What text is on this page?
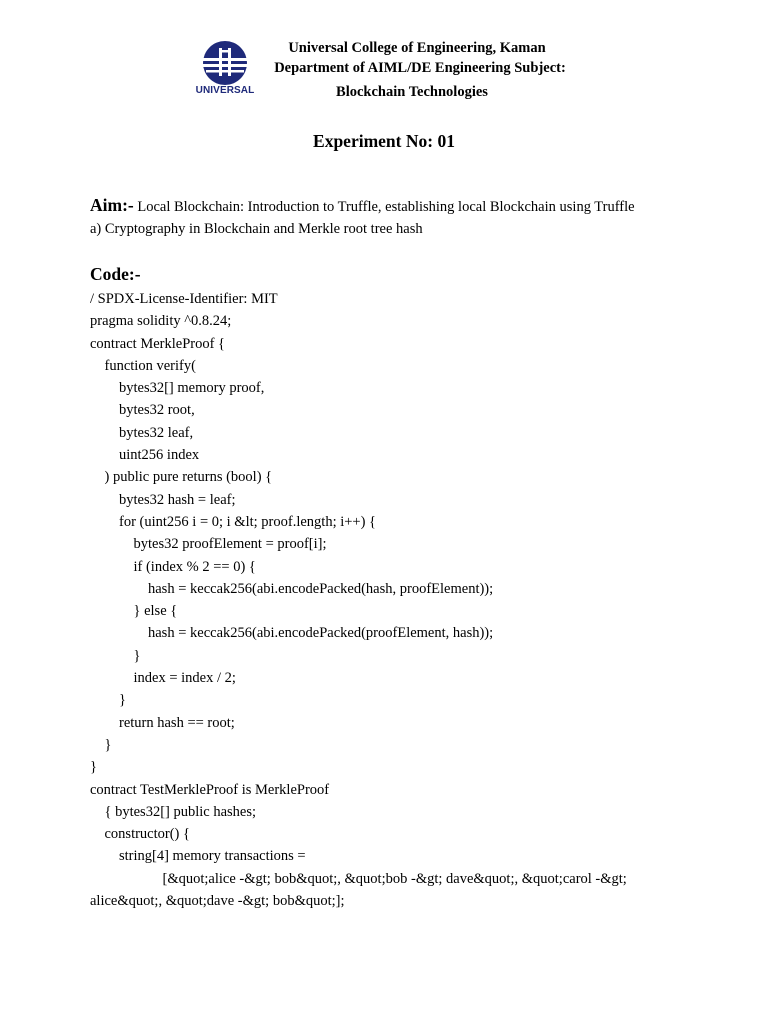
UNIVERSAL
Universal College of Engineering, Kaman
Department of AIML/DE Engineering Subject:
Blockchain Technologies
Experiment No: 01
Aim:- Local Blockchain: Introduction to Truffle, establishing local Blockchain using Truffle
a) Cryptography in Blockchain and Merkle root tree hash
Code:-
/ SPDX-License-Identifier: MIT
pragma solidity ^0.8.24;
contract MerkleProof {
function verify(
bytes32[] memory proof,
bytes32 root,
bytes32 leaf,
uint256 index
) public pure returns (bool) {
bytes32 hash = leaf;
for (uint256 i = 0; i &lt; proof.length; i++) {
bytes32 proofElement = proof[i];
if (index % 2 == 0) {
hash = keccak256(abi.encodePacked(hash, proofElement));
} else {
hash = keccak256(abi.encodePacked(proofElement, hash));
}
index = index / 2;
}
return hash == root;
}
}
contract TestMerkleProof is MerkleProof
{ bytes32[] public hashes;
constructor() {
string[4] memory transactions =
[&quot;alice -&gt; bob&quot;, &quot;bob -&gt; dave&quot;, &quot;carol -&gt;
alice&quot;, &quot;dave -&gt; bob&quot;];
